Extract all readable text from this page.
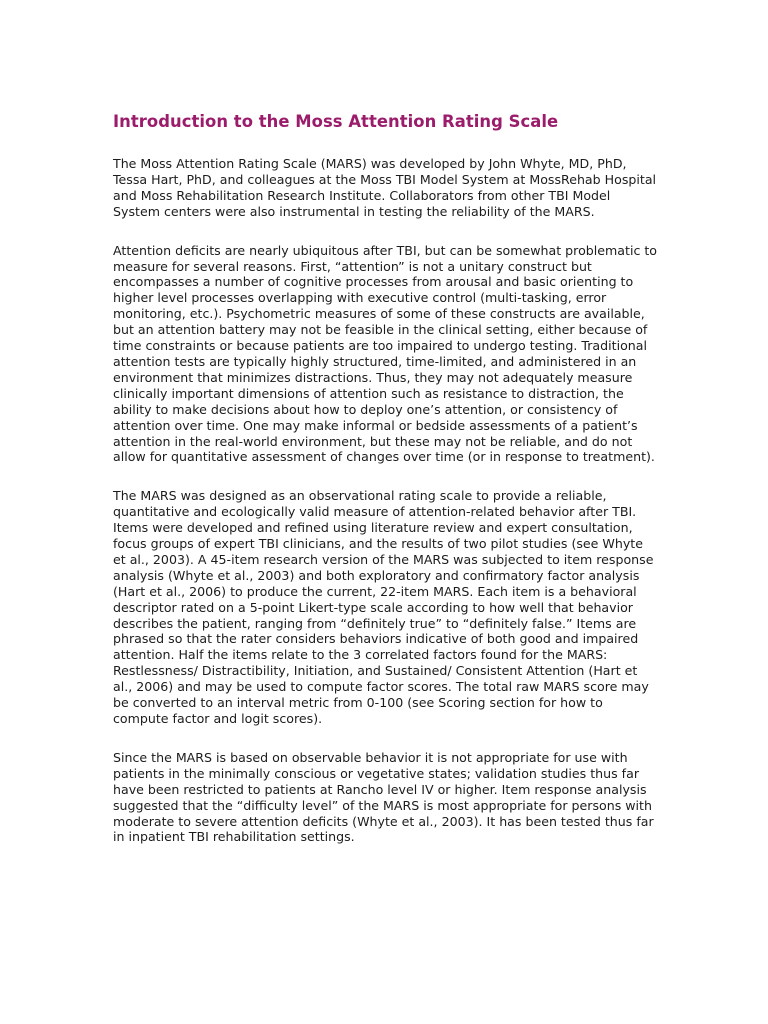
Introduction to the Moss Attention Rating Scale

The Moss Attention Rating Scale (MARS) was developed by John Whyte, MD, PhD, Tessa Hart, PhD, and colleagues at the Moss TBI Model System at MossRehab Hospital and Moss Rehabilitation Research Institute. Collaborators from other TBI Model System centers were also instrumental in testing the reliability of the MARS.

Attention deficits are nearly ubiquitous after TBI, but can be somewhat problematic to measure for several reasons. First, “attention” is not a unitary construct but encompasses a number of cognitive processes from arousal and basic orienting to higher level processes overlapping with executive control (multi-tasking, error monitoring, etc.). Psychometric measures of some of these constructs are available, but an attention battery may not be feasible in the clinical setting, either because of time constraints or because patients are too impaired to undergo testing. Traditional attention tests are typically highly structured, time-limited, and administered in an environment that minimizes distractions. Thus, they may not adequately measure clinically important dimensions of attention such as resistance to distraction, the ability to make decisions about how to deploy one’s attention, or consistency of attention over time. One may make informal or bedside assessments of a patient’s attention in the real-world environment, but these may not be reliable, and do not allow for quantitative assessment of changes over time (or in response to treatment).

The MARS was designed as an observational rating scale to provide a reliable, quantitative and ecologically valid measure of attention-related behavior after TBI. Items were developed and refined using literature review and expert consultation, focus groups of expert TBI clinicians, and the results of two pilot studies (see Whyte et al., 2003). A 45-item research version of the MARS was subjected to item response analysis (Whyte et al., 2003) and both exploratory and confirmatory factor analysis (Hart et al., 2006) to produce the current, 22-item MARS. Each item is a behavioral descriptor rated on a 5-point Likert-type scale according to how well that behavior describes the patient, ranging from “definitely true” to “definitely false.” Items are phrased so that the rater considers behaviors indicative of both good and impaired attention. Half the items relate to the 3 correlated factors found for the MARS: Restlessness/ Distractibility, Initiation, and Sustained/ Consistent Attention (Hart et al., 2006) and may be used to compute factor scores. The total raw MARS score may be converted to an interval metric from 0-100 (see Scoring section for how to compute factor and logit scores).

Since the MARS is based on observable behavior it is not appropriate for use with patients in the minimally conscious or vegetative states; validation studies thus far have been restricted to patients at Rancho level IV or higher. Item response analysis suggested that the “difficulty level” of the MARS is most appropriate for persons with moderate to severe attention deficits (Whyte et al., 2003). It has been tested thus far in inpatient TBI rehabilitation settings.
